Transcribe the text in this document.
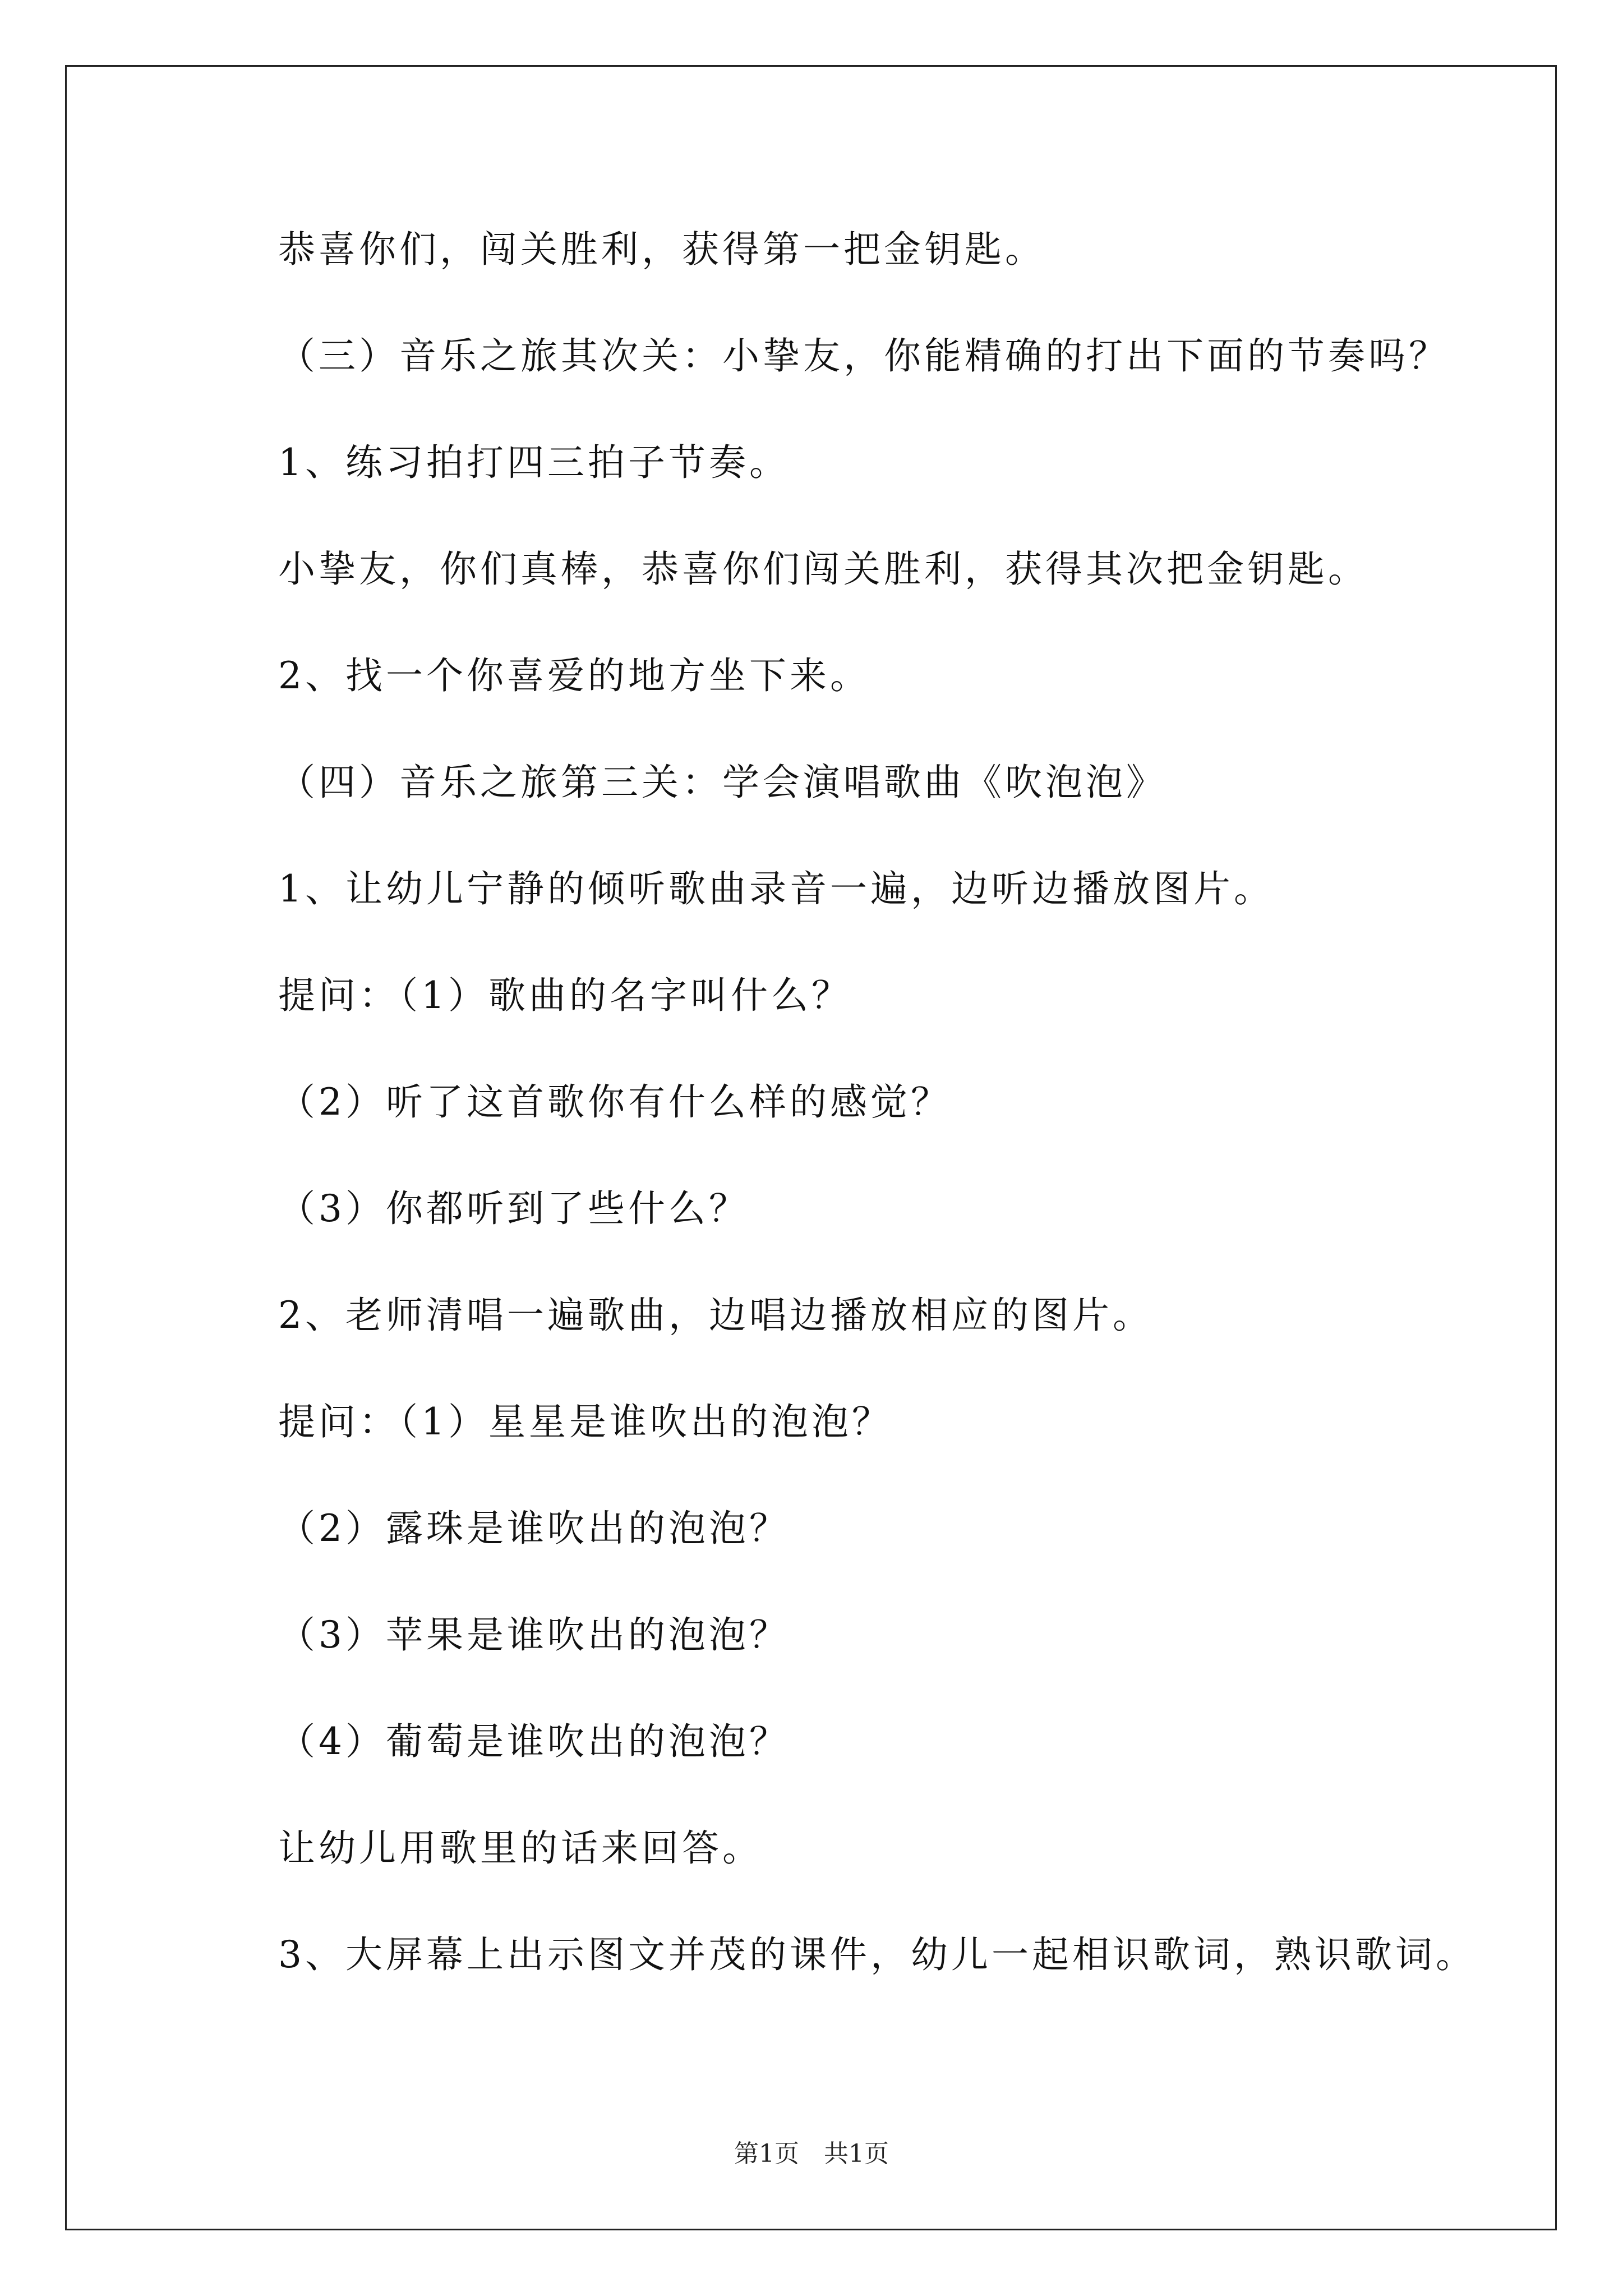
恭喜你们，闯关胜利，获得第一把金钥匙。
（三）音乐之旅其次关：小挚友，你能精确的打出下面的节奏吗？
1、练习拍打四三拍子节奏。
小挚友，你们真棒，恭喜你们闯关胜利，获得其次把金钥匙。
2、找一个你喜爱的地方坐下来。
（四）音乐之旅第三关：学会演唱歌曲《吹泡泡》
1、让幼儿宁静的倾听歌曲录音一遍，边听边播放图片。
提问：（1）歌曲的名字叫什么？
（2）听了这首歌你有什么样的感觉？
（3）你都听到了些什么？
2、老师清唱一遍歌曲，边唱边播放相应的图片。
提问：（1）星星是谁吹出的泡泡？
（2）露珠是谁吹出的泡泡？
（3）苹果是谁吹出的泡泡？
（4）葡萄是谁吹出的泡泡？
让幼儿用歌里的话来回答。
3、大屏幕上出示图文并茂的课件，幼儿一起相识歌词，熟识歌词。
第1页　共1页
